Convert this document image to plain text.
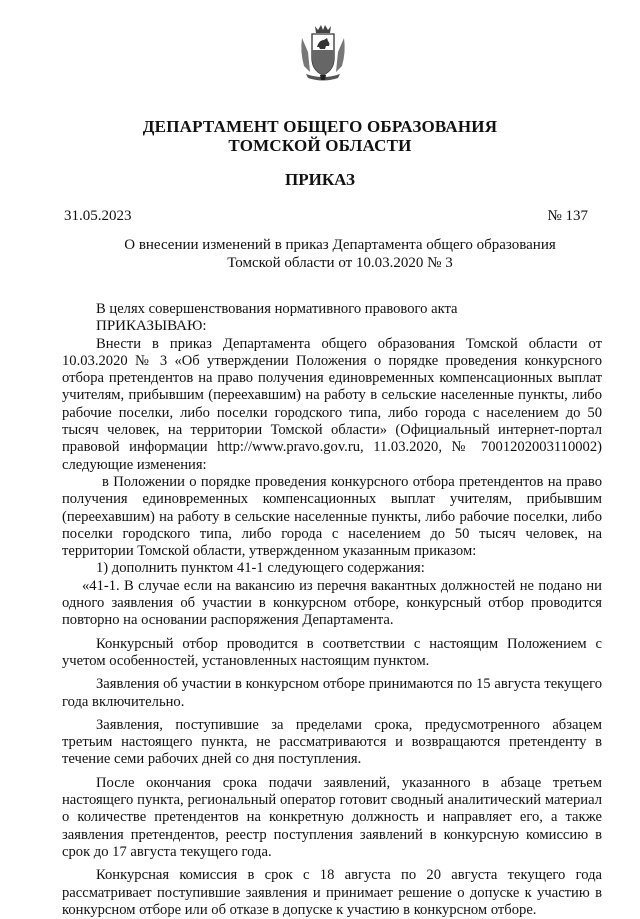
ДЕПАРТАМЕНТ ОБЩЕГО ОБРАЗОВАНИЯ
ТОМСКОЙ ОБЛАСТИ
ПРИКАЗ
31.05.2023	№ 137
О внесении изменений в приказ Департамента общего образования
Томской области от 10.03.2020 № 3

В целях совершенствования нормативного правового акта

ПРИКАЗЫВАЮ:

Внести в приказ Департамента общего образования Томской области от 10.03.2020 № 3 «Об утверждении Положения о порядке проведения конкурсного отбора претендентов на право получения единовременных компенсационных выплат учителям, прибывшим (переехавшим) на работу в сельские населенные пункты, либо рабочие поселки, либо поселки городского типа, либо города с населением до 50 тысяч человек, на территории Томской области» (Официальный интернет-портал правовой информации http://www.pravo.gov.ru, 11.03.2020, № 7001202003110002) следующие изменения:

в Положении о порядке проведения конкурсного отбора претендентов на право получения единовременных компенсационных выплат учителям, прибывшим (переехавшим) на работу в сельские населенные пункты, либо рабочие поселки, либо поселки городского типа, либо города с населением до 50 тысяч человек, на территории Томской области, утвержденном указанным приказом:

1) дополнить пунктом 41-1 следующего содержания:

«41-1. В случае если на вакансию из перечня вакантных должностей не подано ни одного заявления об участии в конкурсном отборе, конкурсный отбор проводится повторно на основании распоряжения Департамента.

Конкурсный отбор проводится в соответствии с настоящим Положением с учетом особенностей, установленных настоящим пунктом.

Заявления об участии в конкурсном отборе принимаются по 15 августа текущего года включительно.

Заявления, поступившие за пределами срока, предусмотренного абзацем третьим настоящего пункта, не рассматриваются и возвращаются претенденту в течение семи рабочих дней со дня поступления.

После окончания срока подачи заявлений, указанного в абзаце третьем настоящего пункта, региональный оператор готовит сводный аналитический материал о количестве претендентов на конкретную должность и направляет его, а также заявления претендентов, реестр поступления заявлений в конкурсную комиссию в срок до 17 августа текущего года.

Конкурсная комиссия в срок с 18 августа по 20 августа текущего года рассматривает поступившие заявления и принимает решение о допуске к участию в конкурсном отборе или об отказе в допуске к участию в конкурсном отборе.
